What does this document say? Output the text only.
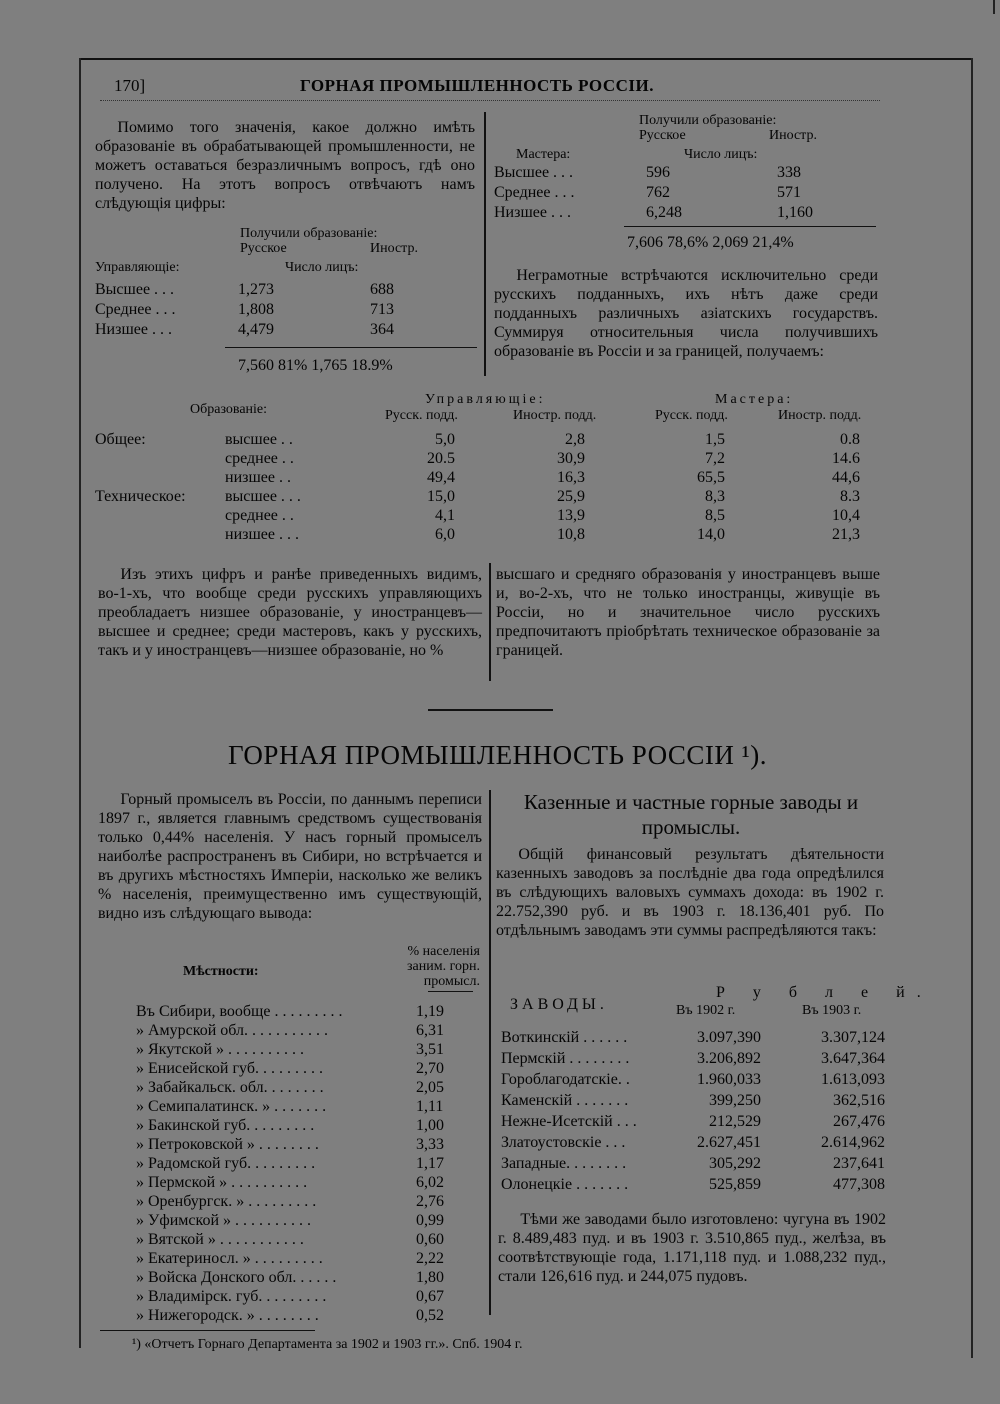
170]	ГОРНАЯ ПРОМЫШЛЕННОСТЬ РОССІИ.

Помимо того значенія, какое должно имѣть образованіе въ обрабатывающей промышленности, не можетъ оставаться безразличнымъ вопросъ, гдѣ оно получено. На этотъ вопросъ отвѣчаютъ намъ слѣдующія цифры:

Получили образованіе:
Русское	Иностр.
Управляющіе:	Число лицъ:
7,560 81% 1,765 18.9%
Высшее . . .	1,273	688
Среднее . . .	1,808	713
Низшее . . .	4,479	364
Получили образованіе:
Русское	Иностр.
Мастера:	Число лицъ:
7,606 78,6% 2,069 21,4%
Высшее . . .	596	338
Среднее . . .	762	571
Низшее . . .	6,248	1,160

Неграмотные встрѣчаются исключительно среди русскихъ подданныхъ, ихъ нѣтъ даже среди подданныхъ различныхъ азіатскихъ государствъ. Суммируя относительныя числа получившихъ образованіе въ Россіи и за границей, получаемъ:

Образованіе:
Управляющіе:	Мастера:
Русск. подд.	Иностр. подд.	Русск. подд.	Иностр. подд.
Общее:	высшее . .	5,0	2,8	1,5	0.8
среднее . .	20.5	30,9	7,2	14.6
низшее . .	49,4	16,3	65,5	44,6
Техническое: высшее . . .	15,0	25,9	8,3	8.3
среднее . .	4,1	13,9	8,5	10,4
низшее . . .	6,0	10,8	14,0	21,3

Изъ этихъ цифръ и ранѣе приведенныхъ видимъ, во-1-хъ, что вообще среди русскихъ управляющихъ преобладаетъ низшее образованіе, у иностранцевъ—высшее и среднее; среди мастеровъ, какъ у русскихъ, такъ и у иностранцевъ—низшее образованіе, но %

высшаго и средняго образованія у иностранцевъ выше и, во-2-хъ, что не только иностранцы, живущіе въ Россіи, но и значительное число русскихъ предпочитаютъ пріобрѣтать техническое образованіе за границей.

ГОРНАЯ ПРОМЫШЛЕННОСТЬ РОССІИ ¹).

Горный промыселъ въ Россіи, по даннымъ переписи 1897 г., является главнымъ средствомъ существованія только 0,44% населенія. У насъ горный промыселъ наиболѣе распространенъ въ Сибири, но встрѣчается и въ другихъ мѣстностяхъ Имперіи, насколько же великъ % населенія, преимущественно имъ существующій, видно изъ слѣдующаго вывода:

Мѣстности:
% населенія заним. горн. промысл.
Въ Сибири, вообще . . . . . . . . .	1,19
» Амурской обл. . . . . . . . . . .	6,31
» Якутской » . . . . . . . . . .	3,51
» Енисейской губ. . . . . . . . .	2,70
» Забайкальск. обл. . . . . . . .	2,05
» Семипалатинск. » . . . . . . .	1,11
» Бакинской губ. . . . . . . . .	1,00
» Петроковской » . . . . . . . .	3,33
» Радомской губ. . . . . . . . .	1,17
» Пермской » . . . . . . . . . .	6,02
» Оренбургск. » . . . . . . . . .	2,76
» Уфимской » . . . . . . . . . .	0,99
» Вятской » . . . . . . . . . . .	0,60
» Екатериносл. » . . . . . . . . .	2,22
» Войска Донского обл. . . . . .	1,80
» Владимірск. губ. . . . . . . . .	0,67
» Нижегородск. » . . . . . . . .	0,52
Казенные и частные горные заводы и промыслы.

Общій финансовый результатъ дѣятельности казенныхъ заводовъ за послѣдніе два года опредѣлился въ слѣдующихъ валовыхъ суммахъ дохода: въ 1902 г. 22.752,390 руб. и въ 1903 г. 18.136,401 руб. По отдѣльнымъ заводамъ эти суммы распредѣляются такъ:

ЗАВОДЫ.
Р у б л е й.
Въ 1902 г.	Въ 1903 г.
Воткинскій . . . . . .	3.097,390	3.307,124
Пермскій . . . . . . . .	3.206,892	3.647,364
Гороблагодатскіе. .	1.960,033	1.613,093
Каменскій . . . . . . .	399,250	362,516
Нежне-Исетскій . . .	212,529	267,476
Златоустовскіе . . .	2.627,451	2.614,962
Западные. . . . . . . .	305,292	237,641
Олонецкіе . . . . . . .	525,859	477,308

Тѣми же заводами было изготовлено: чугуна въ 1902 г. 8.489,483 пуд. и въ 1903 г. 3.510,865 пуд., желѣза, въ соотвѣтствующіе года, 1.171,118 пуд. и 1.088,232 пуд., стали 126,616 пуд. и 244,075 пудовъ.

¹) «Отчетъ Горнаго Департамента за 1902 и 1903 гг.». Спб. 1904 г.
